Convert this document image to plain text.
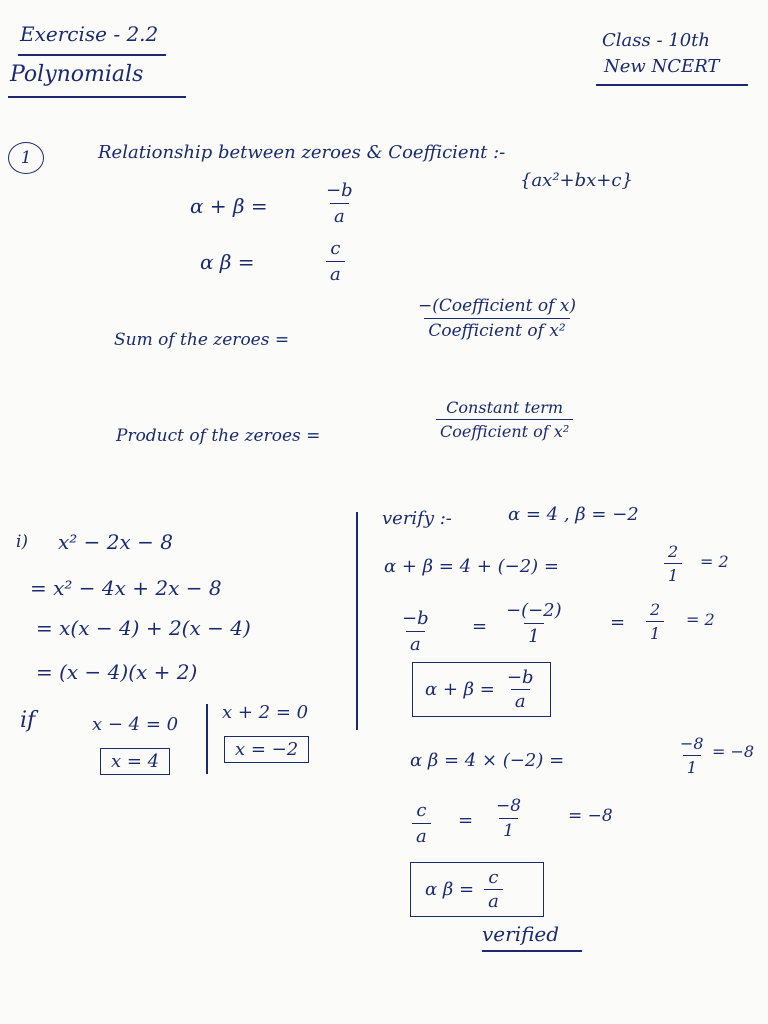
Exercise - 2.2
Polynomials
Class - 10th
New NCERT
1	Relationship between zeroes & Coefficient :-
{ax²+bx+c}
α + β =	$\frac{-b}{a}$
α β =	$\frac{c}{a}$
Sum of the zeroes =
−(Coefficient of x)
Coefficient of x²
Product of the zeroes =
Constant term
Coefficient of x²
i) x² − 2x − 8
= x² − 4x + 2x − 8
= x(x − 4) + 2(x − 4)
= (x − 4)(x + 2)
if	x − 4 = 0
x = 4
x + 2 = 0
x = −2
verify :-	α = 4 , β = −2
α + β = 4 + (−2) =	$\frac{2}{1} = 2$
$\frac{-b}{a} = \frac{-(-2)}{1} = \frac{2}{1} = 2$
$\alpha + \beta = \frac{-b}{a}$
α β = 4 × (−2) =	$\frac{-8}{1} = -8$
$\frac{c}{a} = \frac{-8}{1}$	= −8
α $\beta = \frac{c}{a}$
verified
